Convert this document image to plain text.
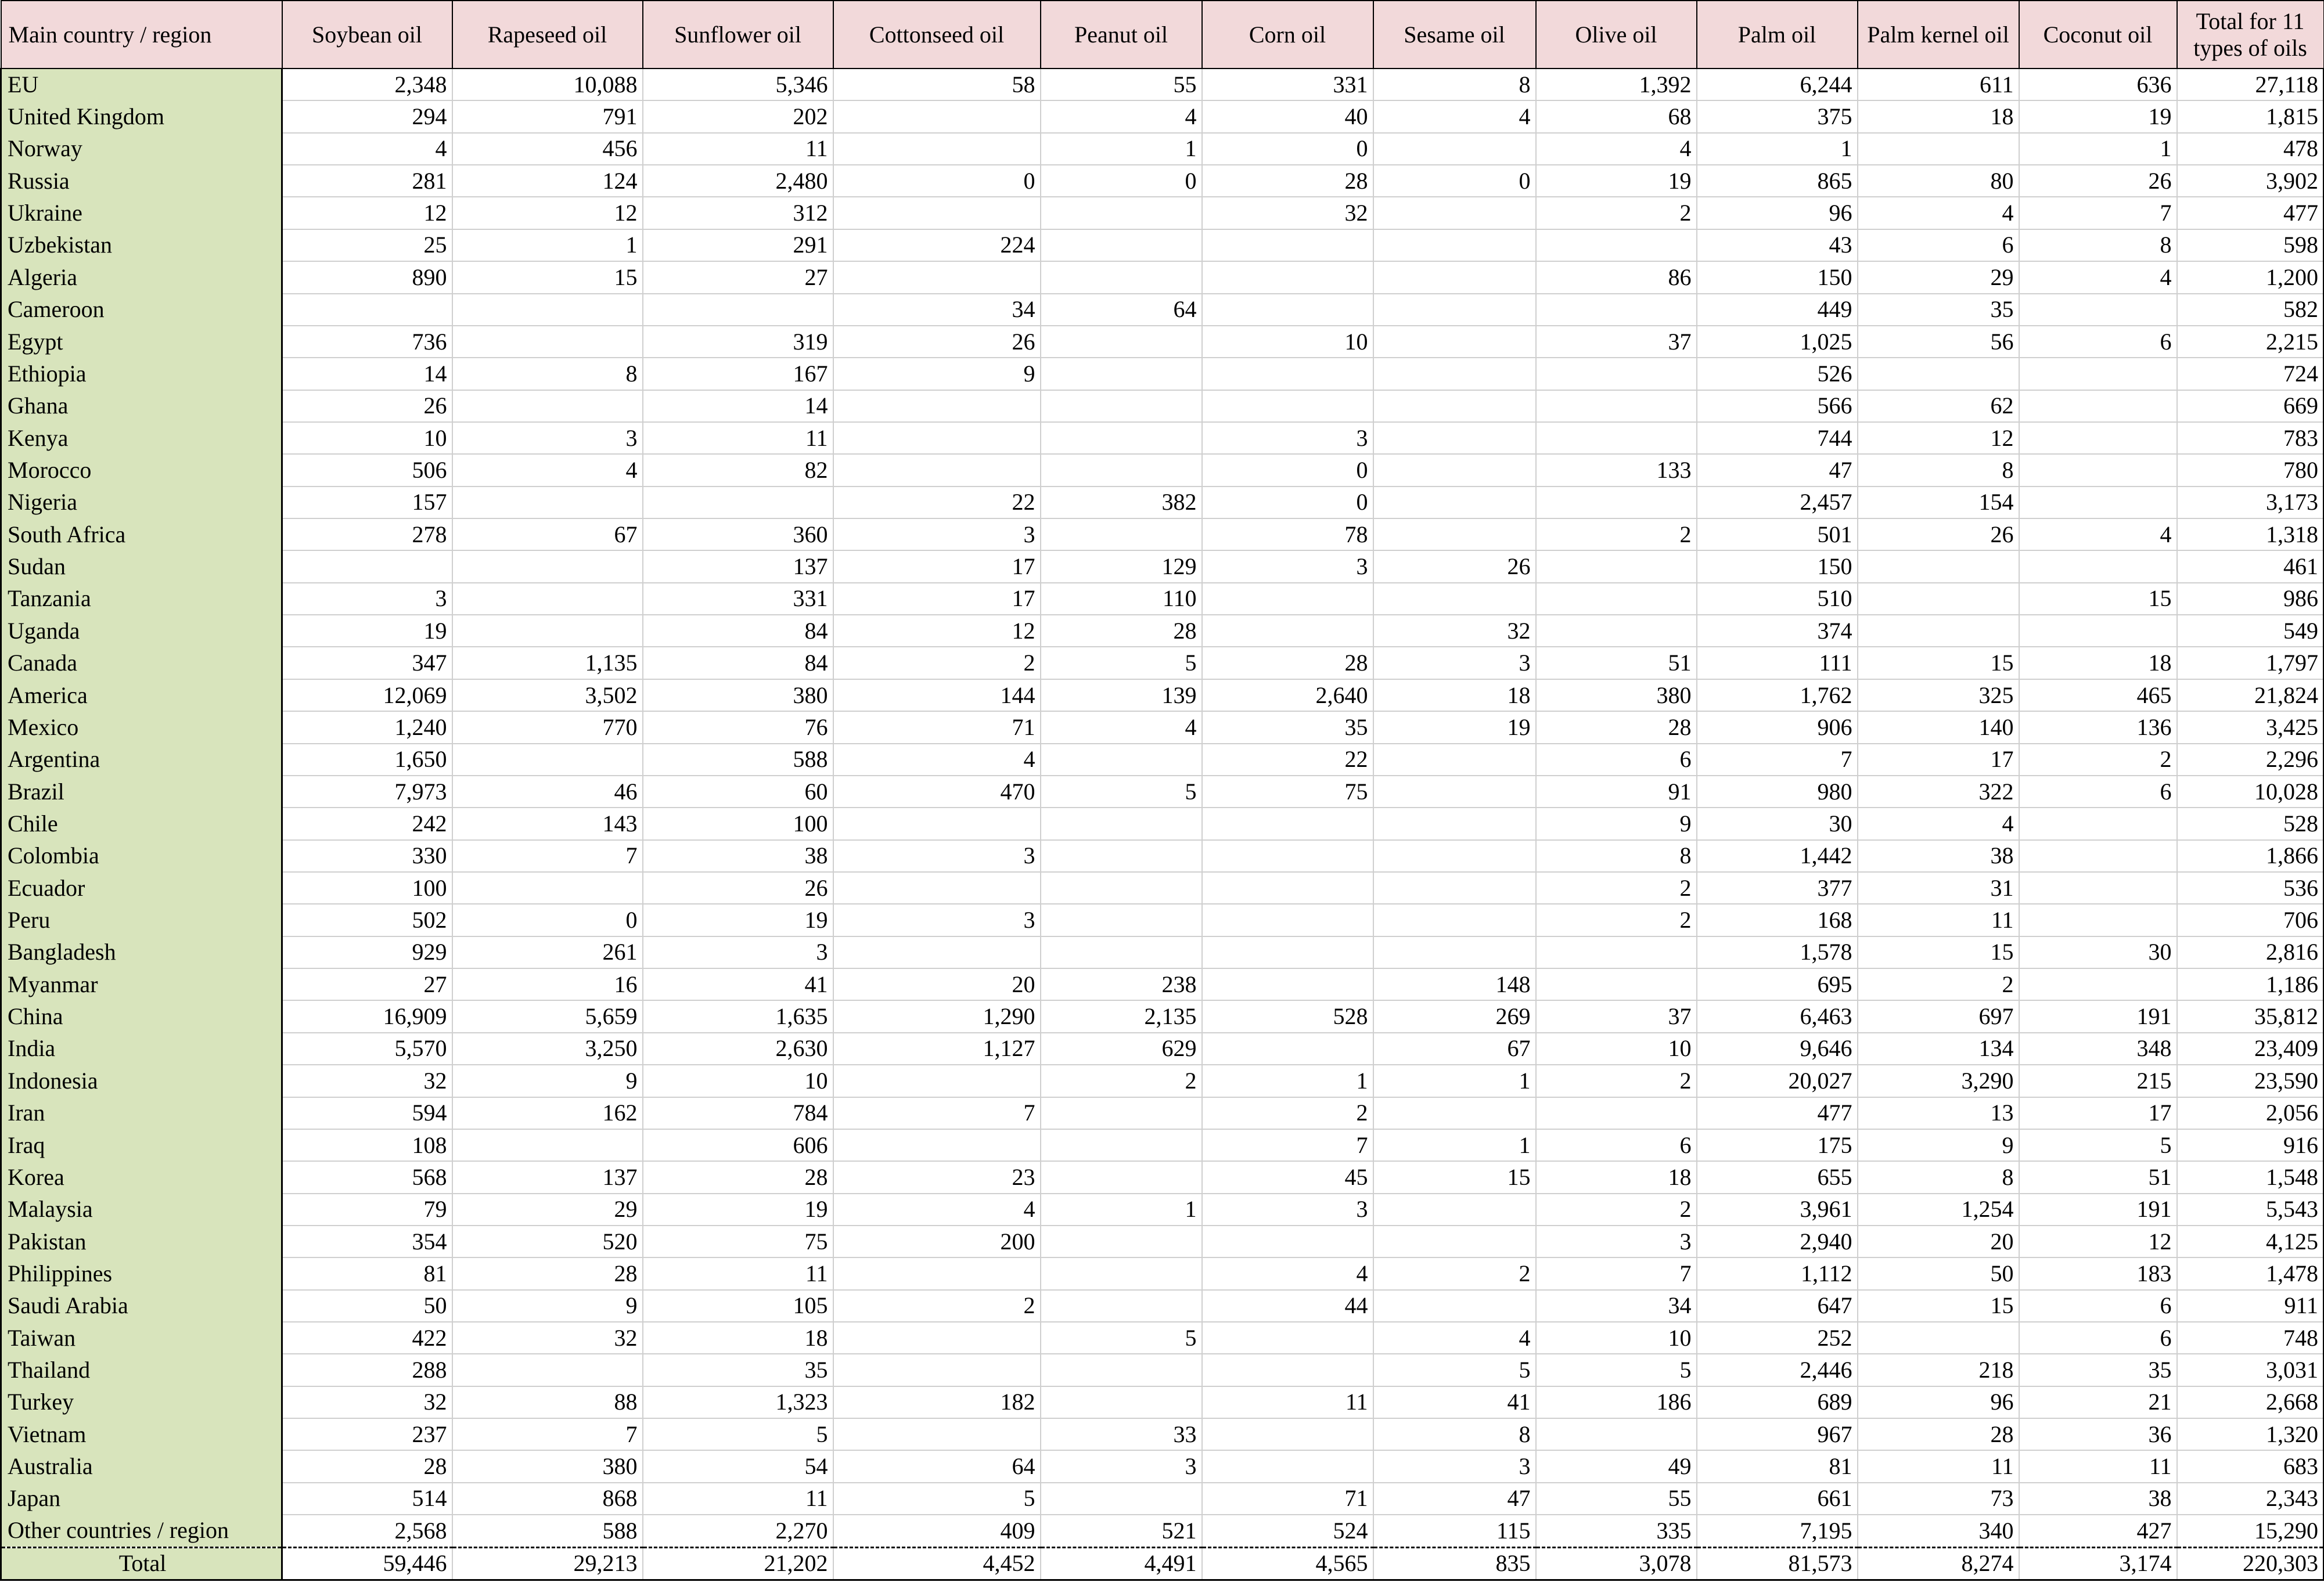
Main country / region	Soybean oil	Rapeseed oil	Sunflower oil	Cottonseed oil	Peanut oil	Corn oil	Sesame oil	Olive oil	Palm oil	Palm kernel oil	Coconut oil	Total for 11 types of oils
EU	2,348	10,088	5,346	58	55	331	8	1,392	6,244	611	636	27,118
United Kingdom	294	791	202		4	40	4	68	375	18	19	1,815
Norway	4	456	11		1	0		4	1		1	478
Russia	281	124	2,480	0	0	28	0	19	865	80	26	3,902
Ukraine	12	12	312			32		2	96	4	7	477
Uzbekistan	25	1	291	224					43	6	8	598
Algeria	890	15	27					86	150	29	4	1,200
Cameroon				34	64				449	35		582
Egypt	736		319	26		10		37	1,025	56	6	2,215
Ethiopia	14	8	167	9					526			724
Ghana	26		14						566	62		669
Kenya	10	3	11			3			744	12		783
Morocco	506	4	82			0		133	47	8		780
Nigeria	157			22	382	0			2,457	154		3,173
South Africa	278	67	360	3		78		2	501	26	4	1,318
Sudan			137	17	129	3	26		150			461
Tanzania	3		331	17	110				510		15	986
Uganda	19		84	12	28		32		374			549
Canada	347	1,135	84	2	5	28	3	51	111	15	18	1,797
America	12,069	3,502	380	144	139	2,640	18	380	1,762	325	465	21,824
Mexico	1,240	770	76	71	4	35	19	28	906	140	136	3,425
Argentina	1,650		588	4		22		6	7	17	2	2,296
Brazil	7,973	46	60	470	5	75		91	980	322	6	10,028
Chile	242	143	100					9	30	4		528
Colombia	330	7	38	3				8	1,442	38		1,866
Ecuador	100		26					2	377	31		536
Peru	502	0	19	3				2	168	11		706
Bangladesh	929	261	3						1,578	15	30	2,816
Myanmar	27	16	41	20	238		148		695	2		1,186
China	16,909	5,659	1,635	1,290	2,135	528	269	37	6,463	697	191	35,812
India	5,570	3,250	2,630	1,127	629		67	10	9,646	134	348	23,409
Indonesia	32	9	10		2	1	1	2	20,027	3,290	215	23,590
Iran	594	162	784	7		2			477	13	17	2,056
Iraq	108		606			7	1	6	175	9	5	916
Korea	568	137	28	23		45	15	18	655	8	51	1,548
Malaysia	79	29	19	4	1	3		2	3,961	1,254	191	5,543
Pakistan	354	520	75	200				3	2,940	20	12	4,125
Philippines	81	28	11			4	2	7	1,112	50	183	1,478
Saudi Arabia	50	9	105	2		44		34	647	15	6	911
Taiwan	422	32	18		5		4	10	252		6	748
Thailand	288		35				5	5	2,446	218	35	3,031
Turkey	32	88	1,323	182		11	41	186	689	96	21	2,668
Vietnam	237	7	5		33		8		967	28	36	1,320
Australia	28	380	54	64	3		3	49	81	11	11	683
Japan	514	868	11	5		71	47	55	661	73	38	2,343
Other countries / region	2,568	588	2,270	409	521	524	115	335	7,195	340	427	15,290
Total	59,446	29,213	21,202	4,452	4,491	4,565	835	3,078	81,573	8,274	3,174	220,303
